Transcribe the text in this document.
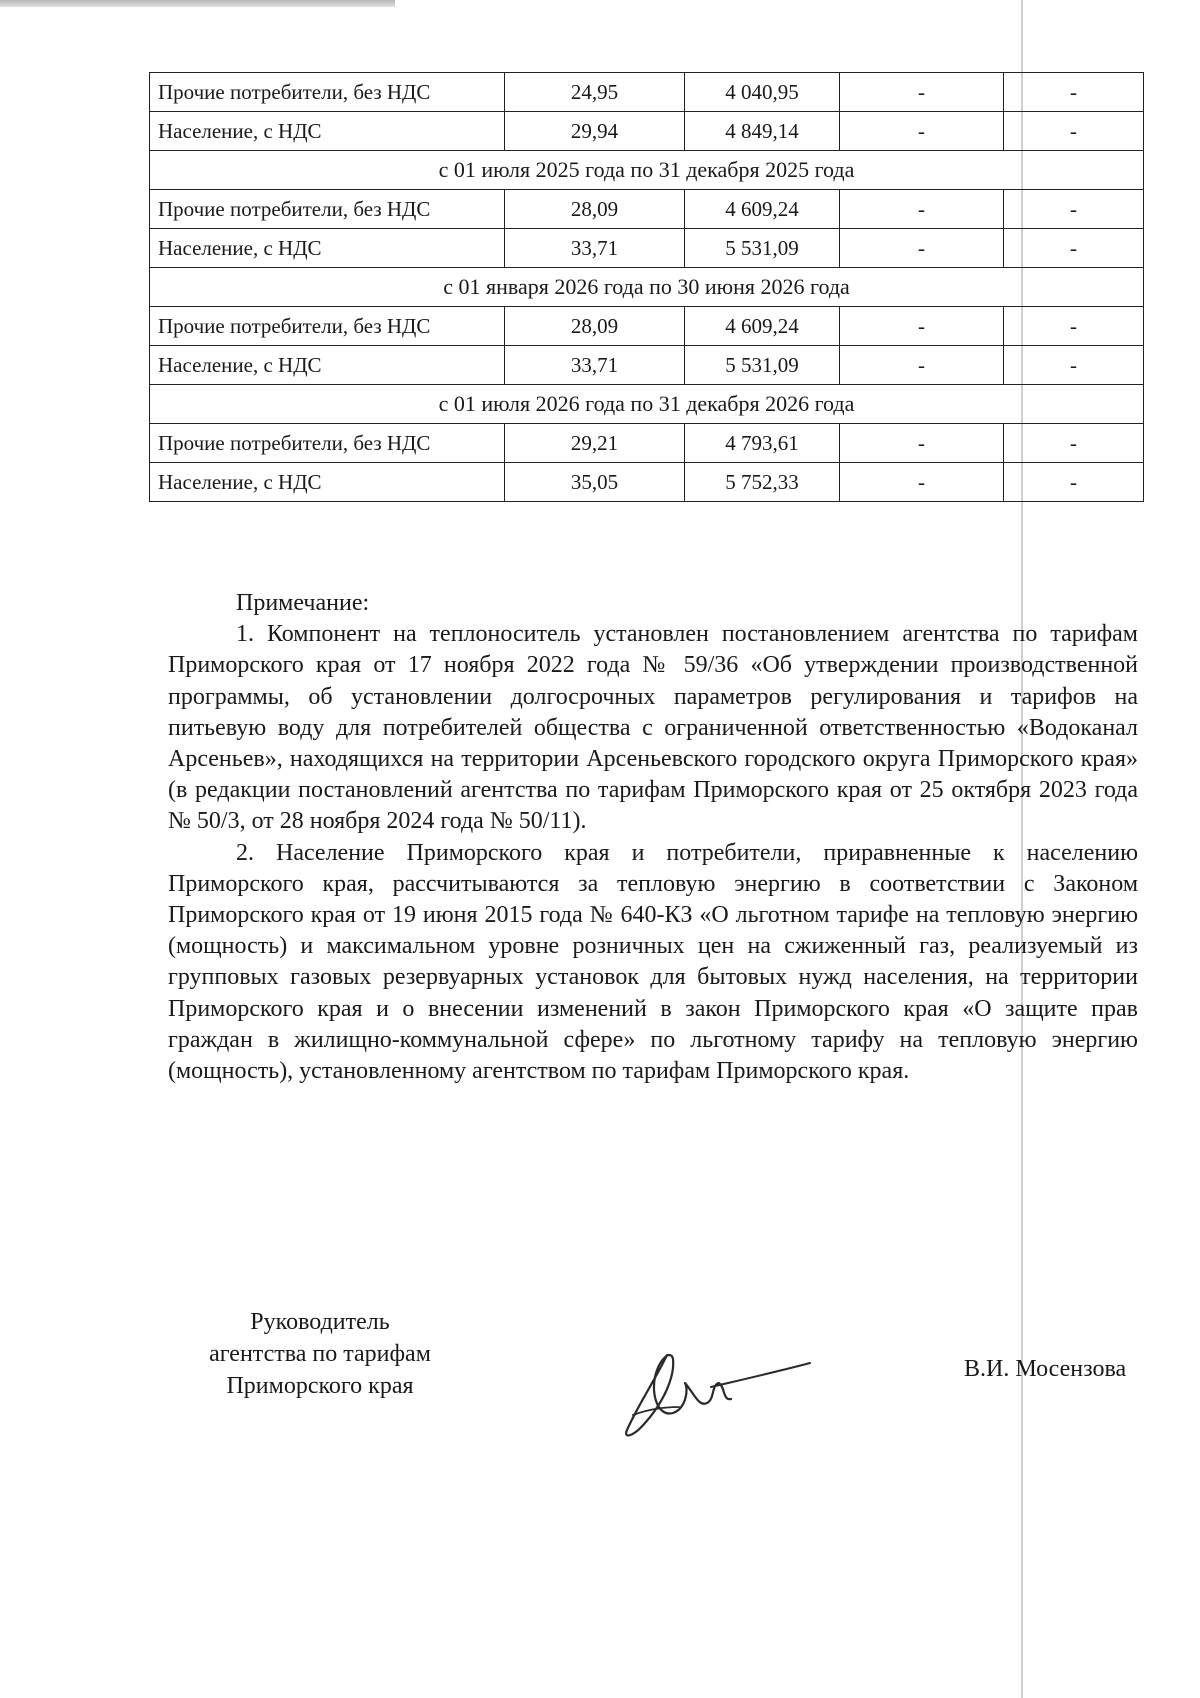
Прочие потребители, без НДС	24,95	4 040,95	-	-
Население, с НДС	29,94	4 849,14	-	-
с 01 июля 2025 года по 31 декабря 2025 года				
Прочие потребители, без НДС	28,09	4 609,24	-	-
Население, с НДС	33,71	5 531,09	-	-
с 01 января 2026 года по 30 июня 2026 года				
Прочие потребители, без НДС	28,09	4 609,24	-	-
Население, с НДС	33,71	5 531,09	-	-
с 01 июля 2026 года по 31 декабря 2026 года				
Прочие потребители, без НДС	29,21	4 793,61	-	-
Население, с НДС	35,05	5 752,33	-	-

Примечание:

1. Компонент на теплоноситель установлен постановлением агентства по тарифам Приморского края от 17 ноября 2022 года № 59/36 «Об утверждении производственной программы, об установлении долгосрочных параметров регулирования и тарифов на питьевую воду для потребителей общества с ограниченной ответственностью «Водоканал Арсеньев», находящихся на территории Арсеньевского городского округа Приморского края» (в редакции постановлений агентства по тарифам Приморского края от 25 октября 2023 года № 50/3, от 28 ноября 2024 года № 50/11).

2. Население Приморского края и потребители, приравненные к населению Приморского края, рассчитываются за тепловую энергию в соответствии с Законом Приморского края от 19 июня 2015 года № 640-КЗ «О льготном тарифе на тепловую энергию (мощность) и максимальном уровне розничных цен на сжиженный газ, реализуемый из групповых газовых резервуарных установок для бытовых нужд населения, на территории Приморского края и о внесении изменений в закон Приморского края «О защите прав граждан в жилищно-коммунальной сфере» по льготному тарифу на тепловую энергию (мощность), установленному агентством по тарифам Приморского края.

Руководитель
агентства по тарифам
Приморского края
В.И. Мосензова
